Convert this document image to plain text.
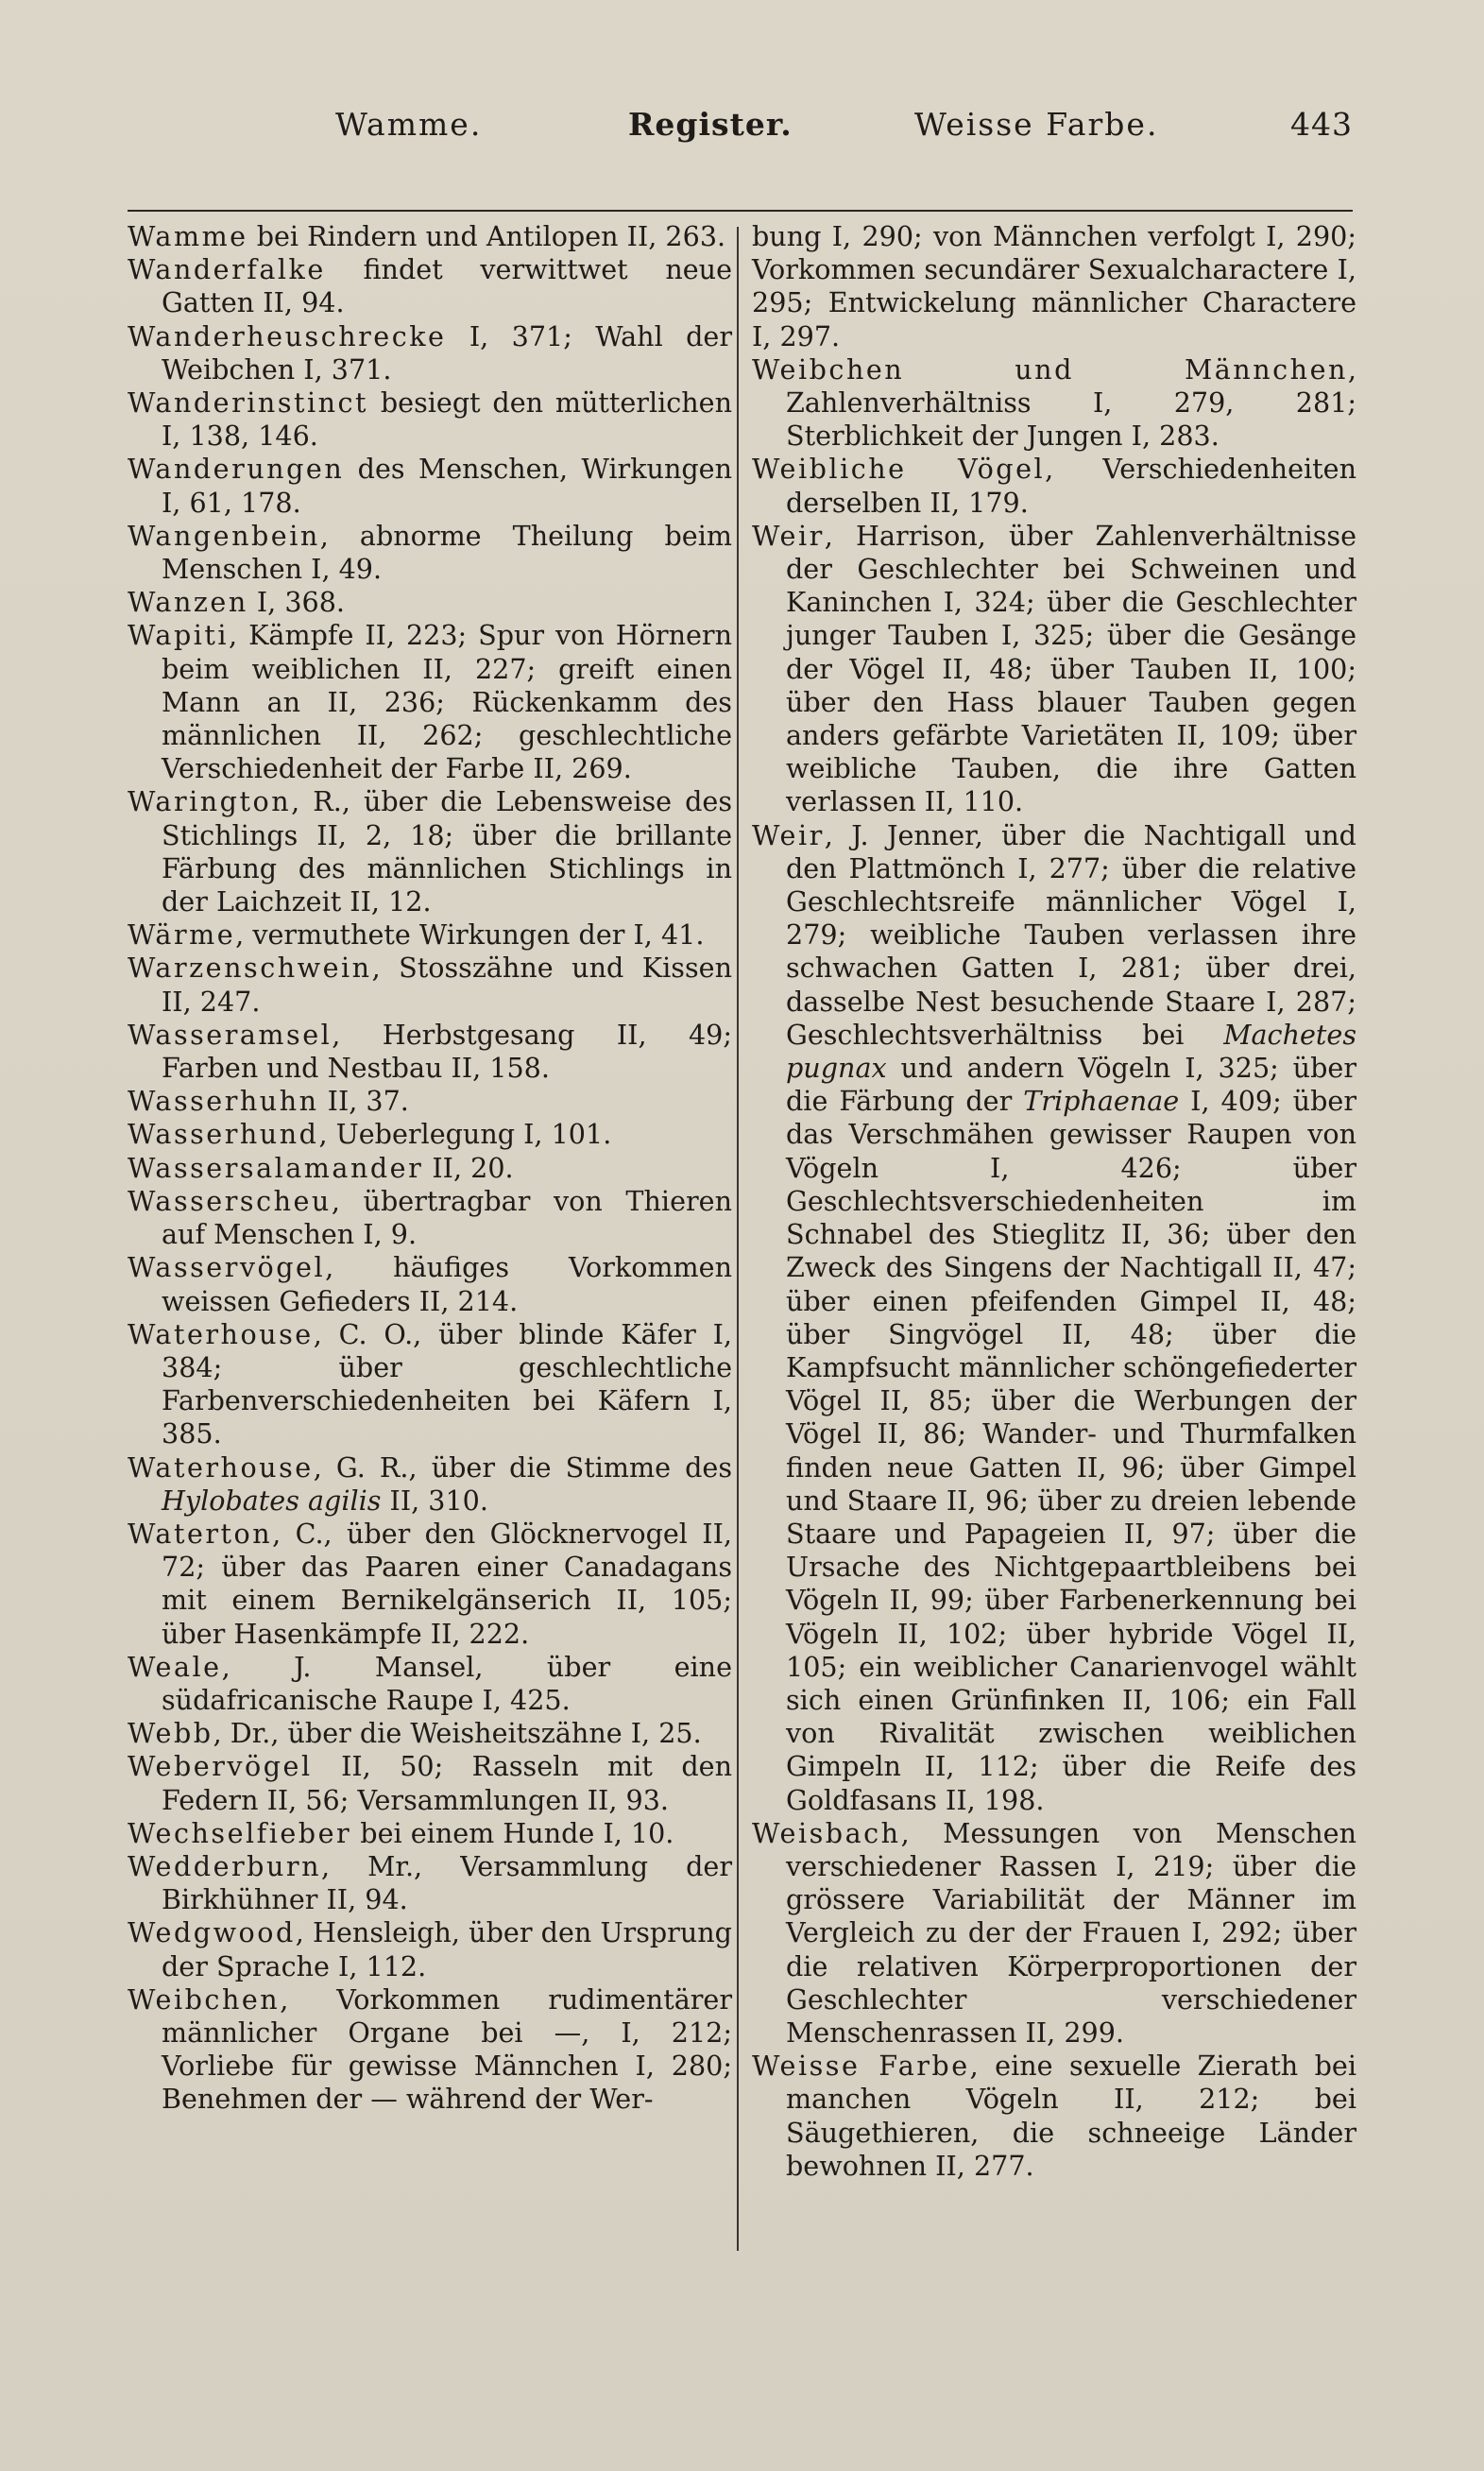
Wamme.	Register.	Weisse Farbe.	443

Wamme bei Rindern und Antilopen II, 263.

Wanderfalke findet verwittwet neue Gatten II, 94.

Wanderheuschrecke I, 371; Wahl der Weibchen I, 371.

Wanderinstinct besiegt den mütterlichen I, 138, 146.

Wanderungen des Menschen, Wirkungen I, 61, 178.

Wangenbein, abnorme Theilung beim Menschen I, 49.

Wanzen I, 368.

Wapiti, Kämpfe II, 223; Spur von Hörnern beim weiblichen II, 227; greift einen Mann an II, 236; Rückenkamm des männlichen II, 262; geschlechtliche Verschiedenheit der Farbe II, 269.

Warington, R., über die Lebensweise des Stichlings II, 2, 18; über die brillante Färbung des männlichen Stichlings in der Laichzeit II, 12.

Wärme, vermuthete Wirkungen der I, 41.

Warzenschwein, Stosszähne und Kissen II, 247.

Wasseramsel, Herbstgesang II, 49; Farben und Nestbau II, 158.

Wasserhuhn II, 37.

Wasserhund, Ueberlegung I, 101.

Wassersalamander II, 20.

Wasserscheu, übertragbar von Thieren auf Menschen I, 9.

Wasservögel, häufiges Vorkommen weissen Gefieders II, 214.

Waterhouse, C. O., über blinde Käfer I, 384; über geschlechtliche Farbenverschiedenheiten bei Käfern I, 385.

Waterhouse, G. R., über die Stimme des Hylobates agilis II, 310.

Waterton, C., über den Glöcknervogel II, 72; über das Paaren einer Canadagans mit einem Bernikelgänserich II, 105; über Hasenkämpfe II, 222.

Weale, J. Mansel, über eine südafricanische Raupe I, 425.

Webb, Dr., über die Weisheitszähne I, 25.

Webervögel II, 50; Rasseln mit den Federn II, 56; Versammlungen II, 93.

Wechselfieber bei einem Hunde I, 10.

Wedderburn, Mr., Versammlung der Birkhühner II, 94.

Wedgwood, Hensleigh, über den Ursprung der Sprache I, 112.

Weibchen, Vorkommen rudimentärer männlicher Organe bei —, I, 212; Vorliebe für gewisse Männchen I, 280; Benehmen der — während der Wer-

bung I, 290; von Männchen verfolgt I, 290; Vorkommen secundärer Sexualcharactere I, 295; Entwickelung männlicher Charactere I, 297.

Weibchen und Männchen, Zahlenverhältniss I, 279, 281; Sterblichkeit der Jungen I, 283.

Weibliche Vögel, Verschiedenheiten derselben II, 179.

Weir, Harrison, über Zahlenverhältnisse der Geschlechter bei Schweinen und Kaninchen I, 324; über die Geschlechter junger Tauben I, 325; über die Gesänge der Vögel II, 48; über Tauben II, 100; über den Hass blauer Tauben gegen anders gefärbte Varietäten II, 109; über weibliche Tauben, die ihre Gatten verlassen II, 110.

Weir, J. Jenner, über die Nachtigall und den Plattmönch I, 277; über die relative Geschlechtsreife männlicher Vögel I, 279; weibliche Tauben verlassen ihre schwachen Gatten I, 281; über drei, dasselbe Nest besuchende Staare I, 287; Geschlechtsverhältniss bei Machetes pugnax und andern Vögeln I, 325; über die Färbung der Triphaenae I, 409; über das Verschmähen gewisser Raupen von Vögeln I, 426; über Geschlechtsverschiedenheiten im Schnabel des Stieglitz II, 36; über den Zweck des Singens der Nachtigall II, 47; über einen pfeifenden Gimpel II, 48; über Singvögel II, 48; über die Kampfsucht männlicher schöngefiederter Vögel II, 85; über die Werbungen der Vögel II, 86; Wander- und Thurmfalken finden neue Gatten II, 96; über Gimpel und Staare II, 96; über zu dreien lebende Staare und Papageien II, 97; über die Ursache des Nichtgepaartbleibens bei Vögeln II, 99; über Farbenerkennung bei Vögeln II, 102; über hybride Vögel II, 105; ein weiblicher Canarienvogel wählt sich einen Grünfinken II, 106; ein Fall von Rivalität zwischen weiblichen Gimpeln II, 112; über die Reife des Goldfasans II, 198.

Weisbach, Messungen von Menschen verschiedener Rassen I, 219; über die grössere Variabilität der Männer im Vergleich zu der der Frauen I, 292; über die relativen Körperproportionen der Geschlechter verschiedener Menschenrassen II, 299.

Weisse Farbe, eine sexuelle Zierath bei manchen Vögeln II, 212; bei Säugethieren, die schneeige Länder bewohnen II, 277.
